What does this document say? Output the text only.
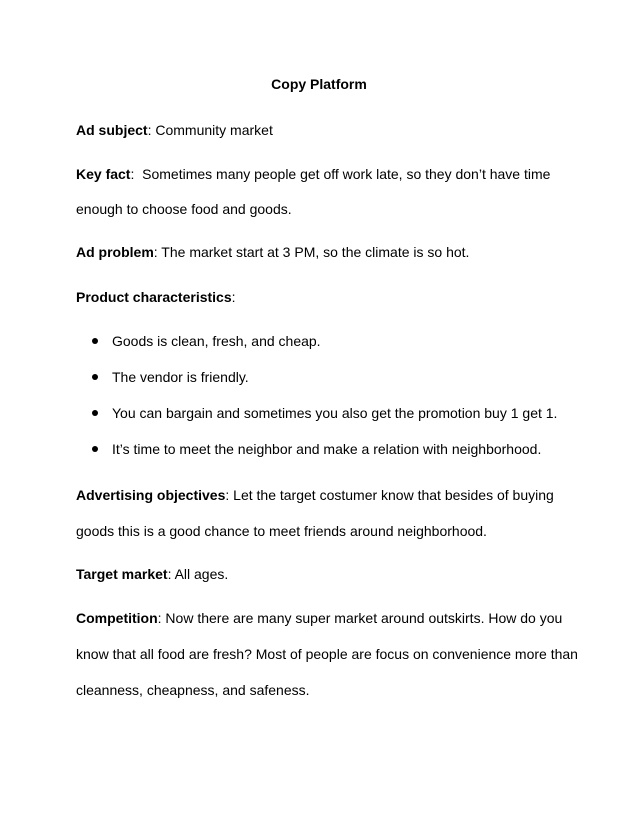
Copy Platform
Ad subject: Community market
Key fact:  Sometimes many people get off work late, so they don’t have time
enough to choose food and goods.
Ad problem: The market start at 3 PM, so the climate is so hot.
Product characteristics:
Goods is clean, fresh, and cheap.
The vendor is friendly.
You can bargain and sometimes you also get the promotion buy 1 get 1.
It’s time to meet the neighbor and make a relation with neighborhood.
Advertising objectives: Let the target costumer know that besides of buying
goods this is a good chance to meet friends around neighborhood.
Target market: All ages.
Competition: Now there are many super market around outskirts. How do you
know that all food are fresh? Most of people are focus on convenience more than
cleanness, cheapness, and safeness.
